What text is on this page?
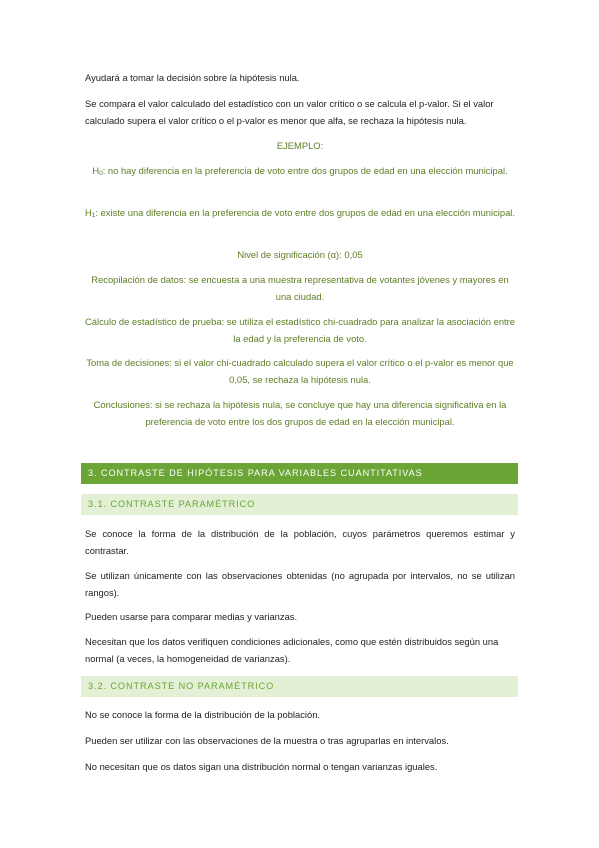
Ayudará a tomar la decisión sobre la hipótesis nula.

Se compara el valor calculado del estadístico con un valor crítico o se calcula el p-valor. Si el valor calculado supera el valor crítico o el p-valor es menor que alfa, se rechaza la hipótesis nula.

EJEMPLO:

H0: no hay diferencia en la preferencia de voto entre dos grupos de edad en una elección municipal.

H1: existe una diferencia en la preferencia de voto entre dos grupos de edad en una elección municipal.

Nivel de significación (α): 0,05

Recopilación de datos: se encuesta a una muestra representativa de votantes jóvenes y mayores en una ciudad.

Cálculo de estadístico de prueba: se utiliza el estadístico chi-cuadrado para analizar la asociación entre la edad y la preferencia de voto.

Toma de decisiones: si el valor chi-cuadrado calculado supera el valor crítico o el p-valor es menor que 0,05, se rechaza la hipótesis nula.

Conclusiones: si se rechaza la hipótesis nula, se concluye que hay una diferencia significativa en la preferencia de voto entre los dos grupos de edad en la elección municipal.

3. CONTRASTE DE HIPÓTESIS PARA VARIABLES CUANTITATIVAS
3.1. CONTRASTE PARAMÉTRICO

Se conoce la forma de la distribución de la población, cuyos parámetros queremos estimar y contrastar.

Se utilizan únicamente con las observaciones obtenidas (no agrupada por intervalos, no se utilizan rangos).

Pueden usarse para comparar medias y varianzas.

Necesitan que los datos verifiquen condiciones adicionales, como que estén distribuidos según una normal (a veces, la homogeneidad de varianzas).

3.2. CONTRASTE NO PARAMÉTRICO

No se conoce la forma de la distribución de la población.

Pueden ser utilizar con las observaciones de la muestra o tras agruparlas en intervalos.

No necesitan que os datos sigan una distribución normal o tengan varianzas iguales.
